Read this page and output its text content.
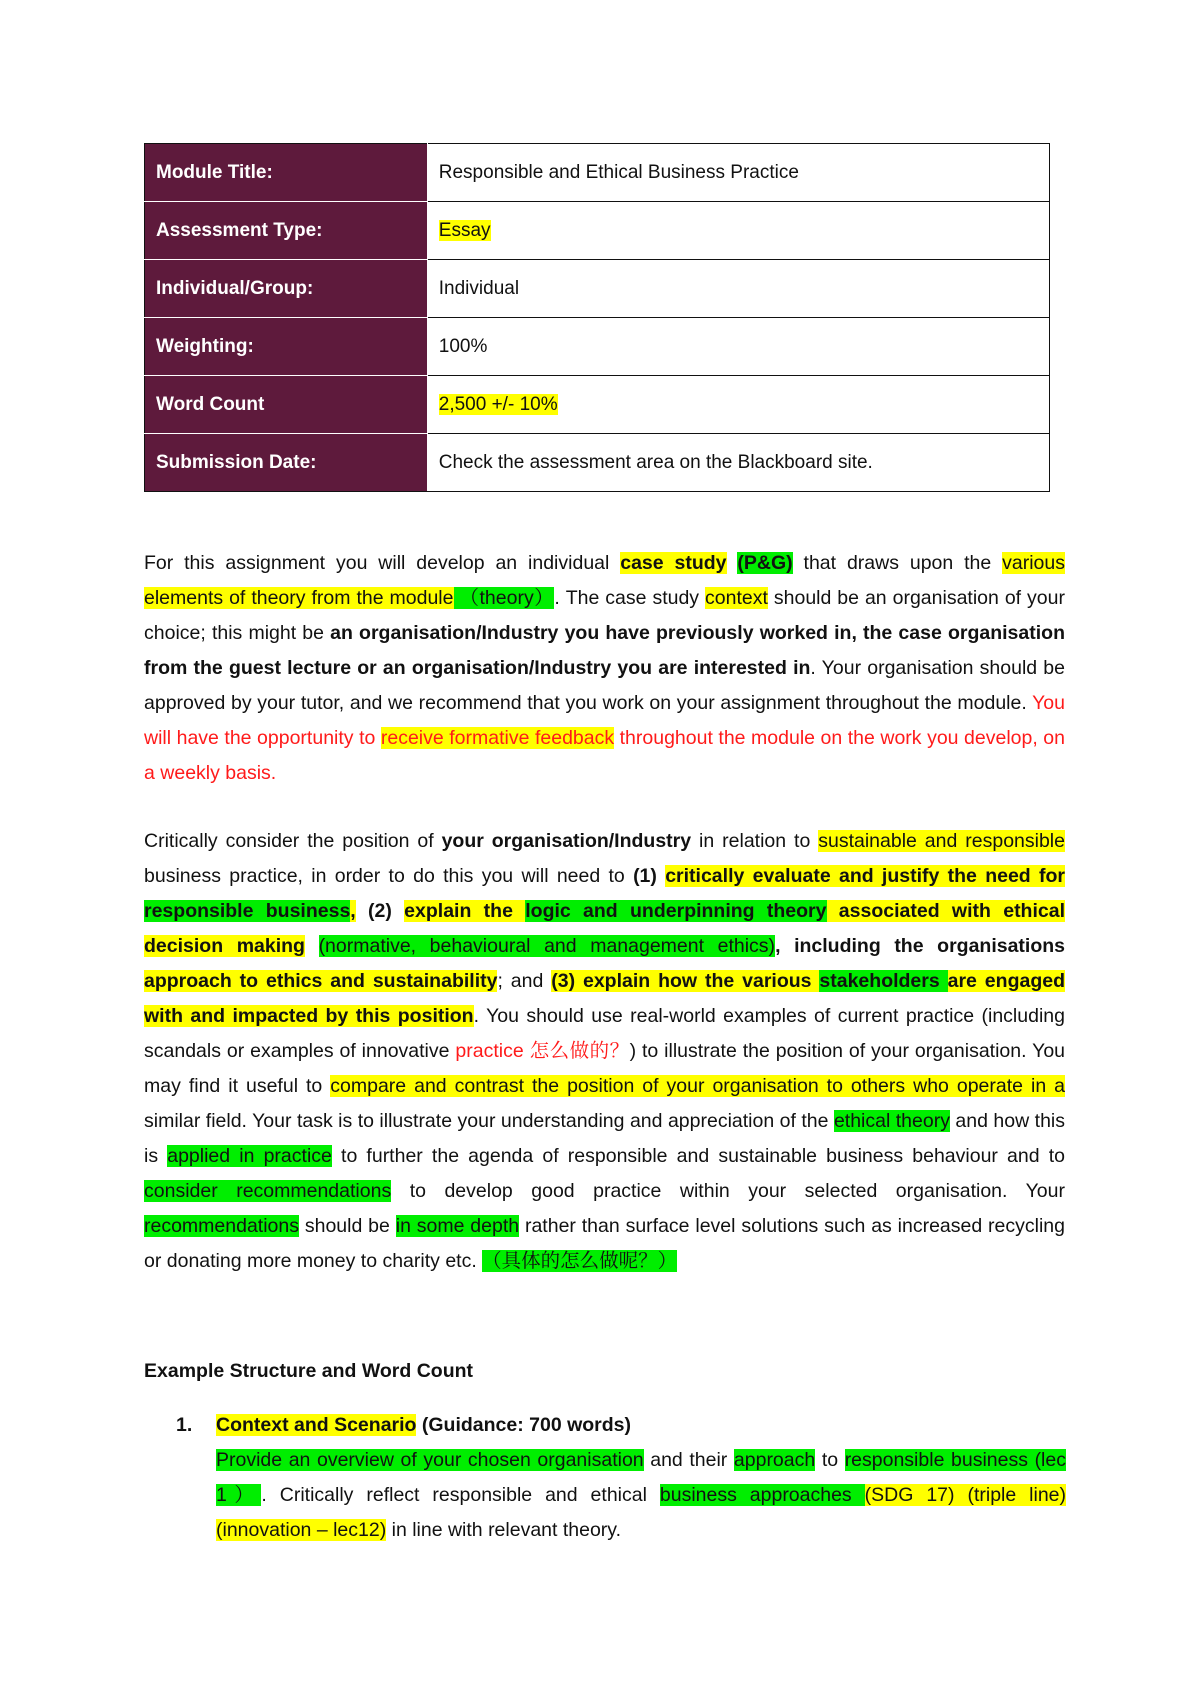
Module Title:	Responsible and Ethical Business Practice
Assessment Type:	Essay
Individual/Group:	Individual
Weighting:	100%
Word Count	2,500 +/- 10%
Submission Date:	Check the assessment area on the Blackboard site.
For this assignment you will develop an individual case study (P&G) that draws upon the various elements of theory from the module （theory）. The case study context should be an organisation of your choice; this might be an organisation/Industry you have previously worked in, the case organisation from the guest lecture or an organisation/Industry you are interested in. Your organisation should be approved by your tutor, and we recommend that you work on your assignment throughout the module. You will have the opportunity to receive formative feedback throughout the module on the work you develop, on a weekly basis.
Critically consider the position of your organisation/Industry in relation to sustainable and responsible business practice, in order to do this you will need to (1) critically evaluate and justify the need for responsible business, (2) explain the logic and underpinning theory associated with ethical decision making (normative, behavioural and management ethics), including the organisations approach to ethics and sustainability; and (3) explain how the various stakeholders are engaged with and impacted by this position. You should use real-world examples of current practice (including scandals or examples of innovative practice 怎么做的？) to illustrate the position of your organisation. You may find it useful to compare and contrast the position of your organisation to others who operate in a similar field. Your task is to illustrate your understanding and appreciation of the ethical theory and how this is applied in practice to further the agenda of responsible and sustainable business behaviour and to consider recommendations to develop good practice within your selected organisation. Your recommendations should be in some depth rather than surface level solutions such as increased recycling or donating more money to charity etc. （具体的怎么做呢？）
Example Structure and Word Count
1. Context and Scenario (Guidance: 700 words)
Provide an overview of your chosen organisation and their approach to responsible business (lec 1）. Critically reflect responsible and ethical business approaches (SDG 17) (triple line) (innovation – lec12) in line with relevant theory.
